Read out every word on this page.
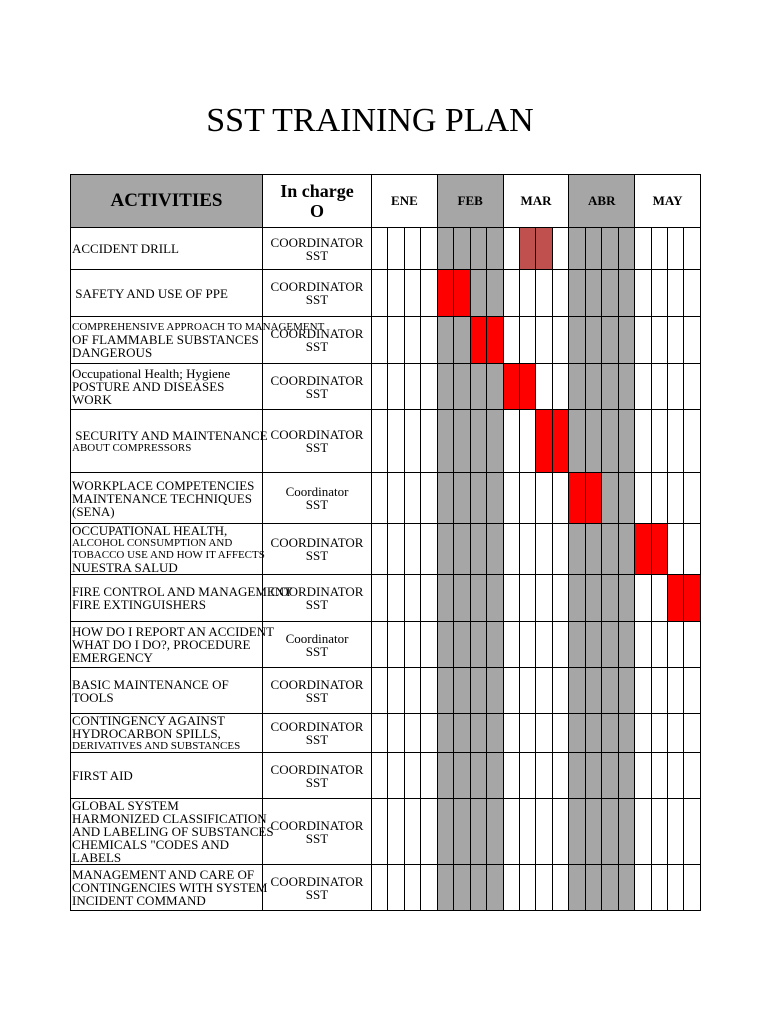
SST TRAINING PLAN
ACTIVITIES	In charge
O	ENE				FEB				MAR				ABR				MAY			

ACCIDENT DRILL	COORDINATOR
SST																				

SAFETY AND USE OF PPE	COORDINATOR
SST																				

COMPREHENSIVE APPROACH TO MANAGEMENT
OF FLAMMABLE SUBSTANCES
DANGEROUS	COORDINATOR
SST																				

Occupational Health; Hygiene
POSTURE AND DISEASES
WORK	COORDINATOR
SST																				

SECURITY AND MAINTENANCE
ABOUT COMPRESSORS	COORDINATOR
SST																				

WORKPLACE COMPETENCIES
MAINTENANCE TECHNIQUES
(SENA)	Coordinator
SST																				

OCCUPATIONAL HEALTH,
ALCOHOL CONSUMPTION AND
TOBACCO USE AND HOW IT AFFECTS
NUESTRA SALUD	COORDINATOR
SST																				

FIRE CONTROL AND MANAGEMENT
FIRE EXTINGUISHERS	COORDINATOR
SST																				

HOW DO I REPORT AN ACCIDENT
WHAT DO I DO?, PROCEDURE
EMERGENCY	Coordinator
SST																				

BASIC MAINTENANCE OF
TOOLS	COORDINATOR
SST																				

CONTINGENCY AGAINST
HYDROCARBON SPILLS,
DERIVATIVES AND SUBSTANCES	COORDINATOR
SST																				

FIRST AID	COORDINATOR
SST																				

GLOBAL SYSTEM
HARMONIZED CLASSIFICATION
AND LABELING OF SUBSTANCES
CHEMICALS "CODES AND
LABELS	COORDINATOR
SST																				

MANAGEMENT AND CARE OF
CONTINGENCIES WITH SYSTEM
INCIDENT COMMAND	COORDINATOR
SST																				
